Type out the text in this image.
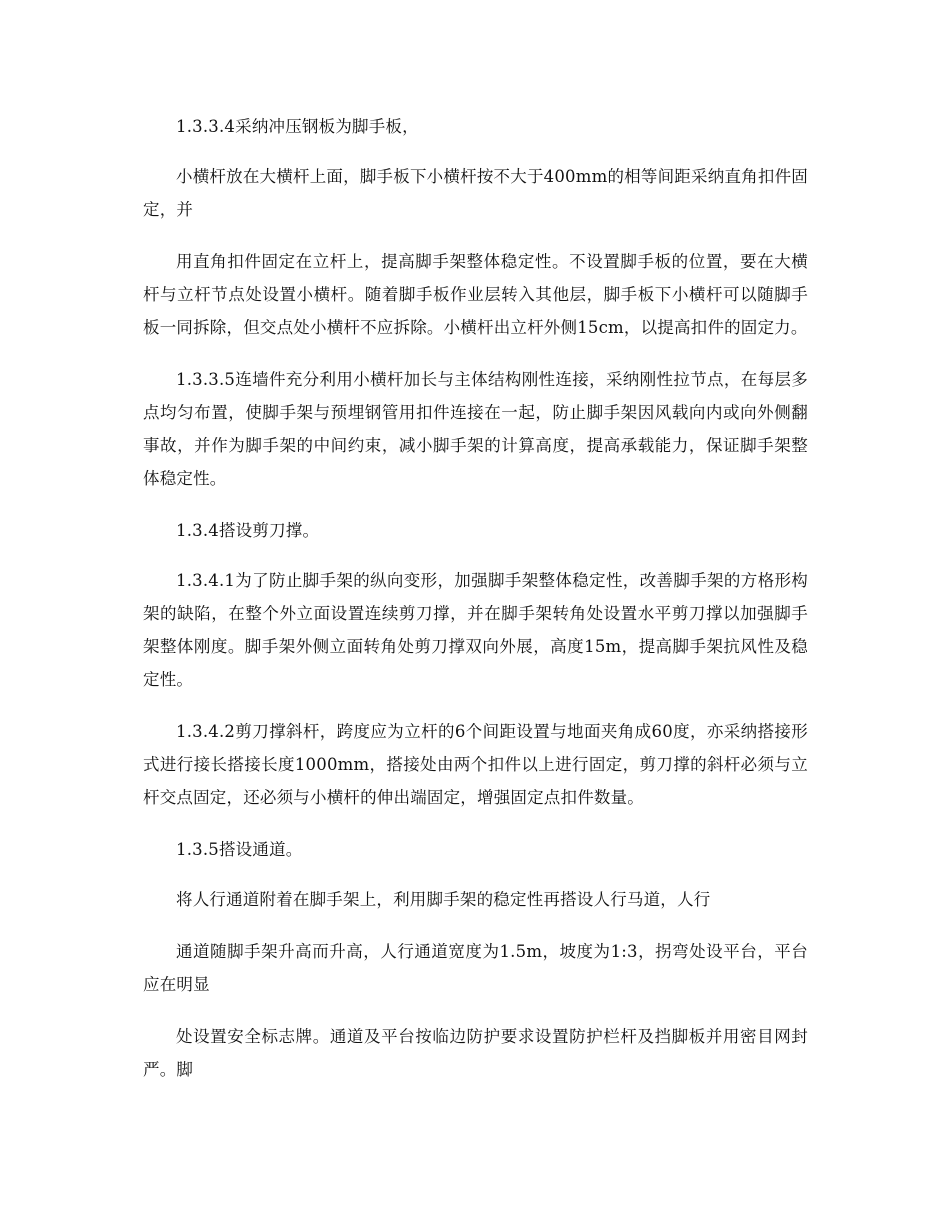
1.3.3.4采纳冲压钢板为脚手板，

小横杆放在大横杆上面，脚手板下小横杆按不大于400mm的相等间距采纳直角扣件固定，并

用直角扣件固定在立杆上，提高脚手架整体稳定性。不设置脚手板的位置，要在大横杆与立杆节点处设置小横杆。随着脚手板作业层转入其他层，脚手板下小横杆可以随脚手板一同拆除，但交点处小横杆不应拆除。小横杆出立杆外侧15cm，以提高扣件的固定力。

1.3.3.5连墙件充分利用小横杆加长与主体结构刚性连接，采纳刚性拉节点，在每层多点均匀布置，使脚手架与预埋钢管用扣件连接在一起，防止脚手架因风载向内或向外侧翻事故，并作为脚手架的中间约束，减小脚手架的计算高度，提高承载能力，保证脚手架整体稳定性。

1.3.4搭设剪刀撑。

1.3.4.1为了防止脚手架的纵向变形，加强脚手架整体稳定性，改善脚手架的方格形构架的缺陷，在整个外立面设置连续剪刀撑，并在脚手架转角处设置水平剪刀撑以加强脚手架整体刚度。脚手架外侧立面转角处剪刀撑双向外展，高度15m，提高脚手架抗风性及稳定性。

1.3.4.2剪刀撑斜杆，跨度应为立杆的6个间距设置与地面夹角成60度，亦采纳搭接形式进行接长搭接长度1000mm，搭接处由两个扣件以上进行固定，剪刀撑的斜杆必须与立杆交点固定，还必须与小横杆的伸出端固定，增强固定点扣件数量。

1.3.5搭设通道。

将人行通道附着在脚手架上，利用脚手架的稳定性再搭设人行马道，人行

通道随脚手架升高而升高，人行通道宽度为1.5m，坡度为1:3，拐弯处设平台，平台应在明显

处设置安全标志牌。通道及平台按临边防护要求设置防护栏杆及挡脚板并用密目网封严。脚
